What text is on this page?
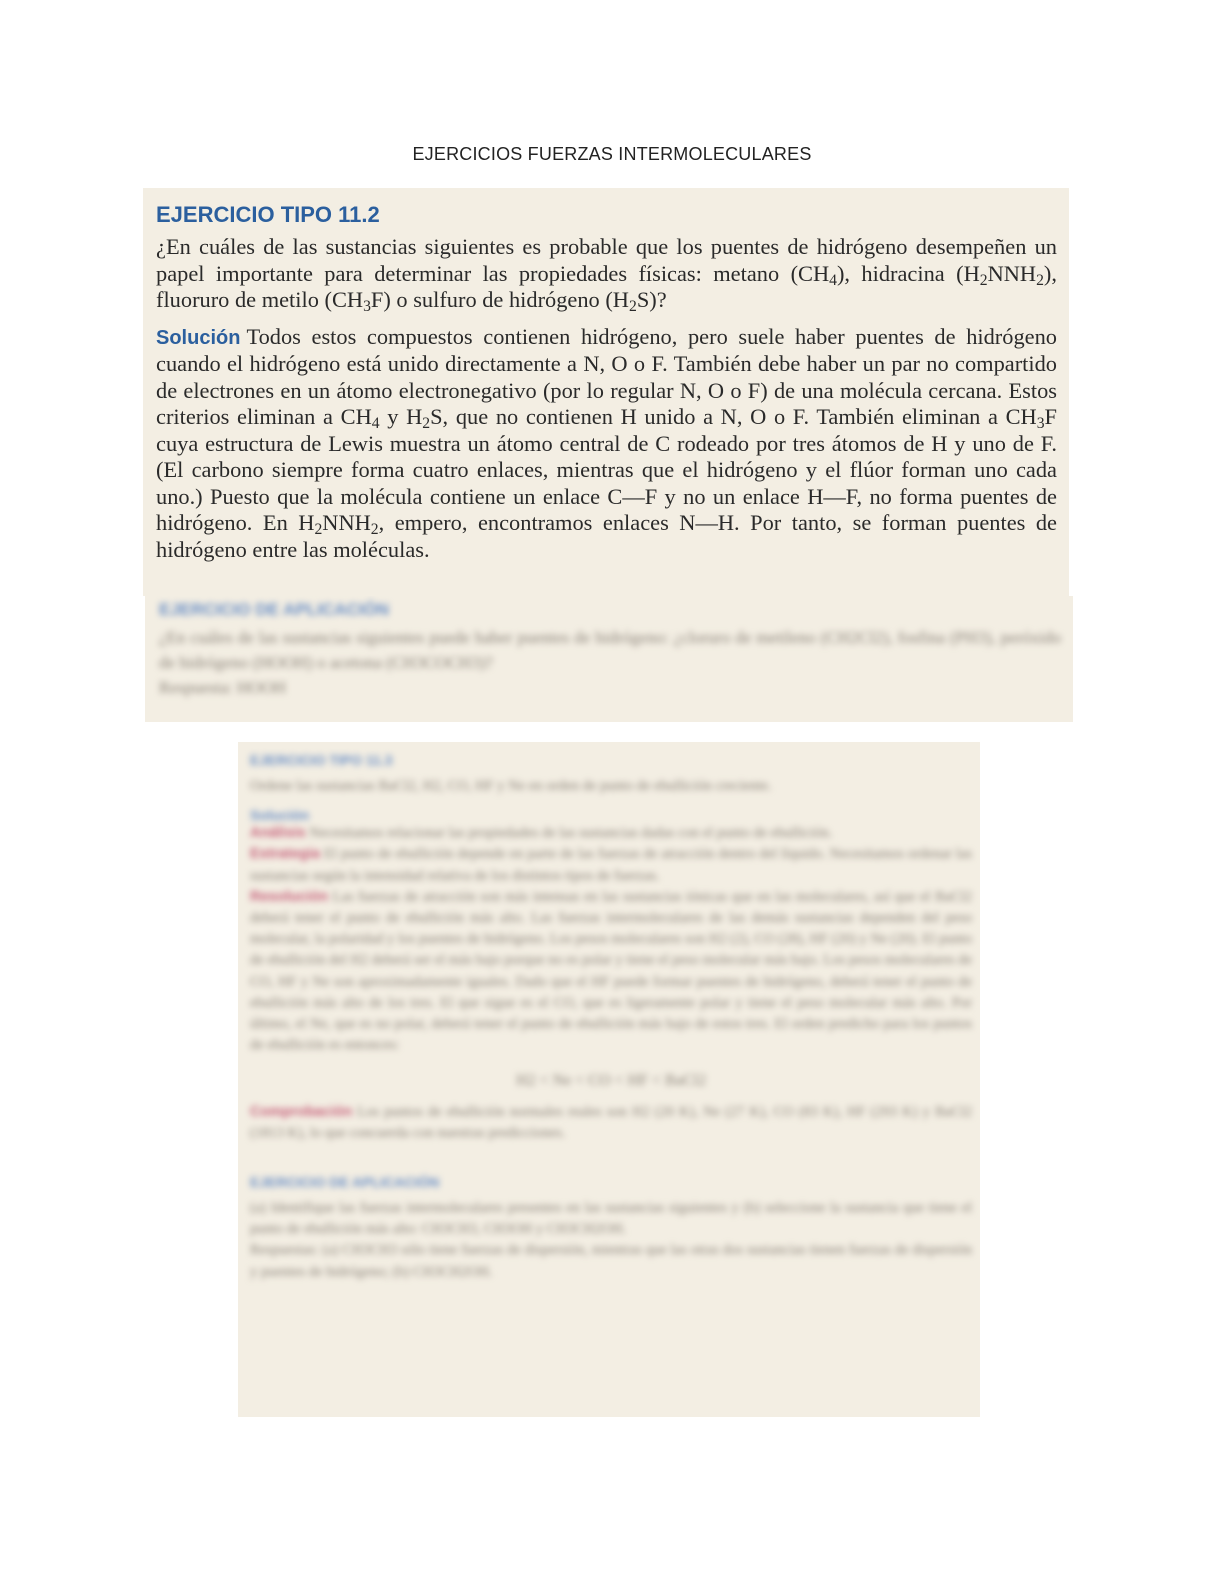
EJERCICIOS FUERZAS INTERMOLECULARES
EJERCICIO TIPO 11.2

¿En cuáles de las sustancias siguientes es probable que los puentes de hidrógeno desempeñen un papel importante para determinar las propiedades físicas: metano $(CH_4)$, hidracina $(H_2NNH_2)$, fluoruro de metilo $(CH_3F)$ o sulfuro de hidrógeno $(H_2S)$?

Solución Todos estos compuestos contienen hidrógeno, pero suele haber puentes de hidrógeno cuando el hidrógeno está unido directamente a N, O o F. También debe haber un par no compartido de electrones en un átomo electronegativo (por lo regular N, O o F) de una molécula cercana. Estos criterios eliminan a $CH_4$ y $H_2S$, que no contienen H unido a N, O o F. También eliminan a $CH_3F$ cuya estructura de Lewis muestra un átomo central de C rodeado por tres átomos de H y uno de F. (El carbono siempre forma cuatro enlaces, mientras que el hidrógeno y el flúor forman uno cada uno.) Puesto que la molécula contiene un enlace C—F y no un enlace H—F, no forma puentes de hidrógeno. En $H_2NNH_2$, empero, encontramos enlaces N—H. Por tanto, se forman puentes de hidrógeno entre las moléculas.

EJERCICIO DE APLICACIÓN
¿En cuáles de las sustancias siguientes puede haber puentes de hidrógeno: ¿cloruro de metileno (CH2Cl2), fosfina (PH3), peróxido de hidrógeno (HOOH) o acetona (CH3COCH3)?
Respuesta: HOOH
EJERCICIO TIPO 11.3
Ordene las sustancias BaCl2, H2, CO, HF y Ne en orden de punto de ebullición creciente.
Solución
Análisis Necesitamos relacionar las propiedades de las sustancias dadas con el punto de ebullición.
Estrategia El punto de ebullición depende en parte de las fuerzas de atracción dentro del líquido. Necesitamos ordenar las sustancias según la intensidad relativa de los distintos tipos de fuerzas.
Resolución Las fuerzas de atracción son más intensas en las sustancias iónicas que en las moleculares, así que el BaCl2 deberá tener el punto de ebullición más alto. Las fuerzas intermoleculares de las demás sustancias dependen del peso molecular, la polaridad y los puentes de hidrógeno. Los pesos moleculares son H2 (2), CO (28), HF (20) y Ne (20). El punto de ebullición del H2 deberá ser el más bajo porque no es polar y tiene el peso molecular más bajo. Los pesos moleculares de CO, HF y Ne son aproximadamente iguales. Dado que el HF puede formar puentes de hidrógeno, deberá tener el punto de ebullición más alto de los tres. El que sigue es el CO, que es ligeramente polar y tiene el peso molecular más alto. Por último, el Ne, que es no polar, deberá tener el punto de ebullición más bajo de estos tres. El orden predicho para los puntos de ebullición es entonces:
H2 < Ne < CO < HF < BaCl2
Comprobación Los puntos de ebullición normales reales son H2 (20 K), Ne (27 K), CO (83 K), HF (293 K) y BaCl2 (1813 K), lo que concuerda con nuestras predicciones.
EJERCICIO DE APLICACIÓN
(a) Identifique las fuerzas intermoleculares presentes en las sustancias siguientes y (b) seleccione la sustancia que tiene el punto de ebullición más alto: CH3CH3, CH3OH y CH3CH2OH.
Respuestas: (a) CH3CH3 sólo tiene fuerzas de dispersión, mientras que las otras dos sustancias tienen fuerzas de dispersión y puentes de hidrógeno; (b) CH3CH2OH.
